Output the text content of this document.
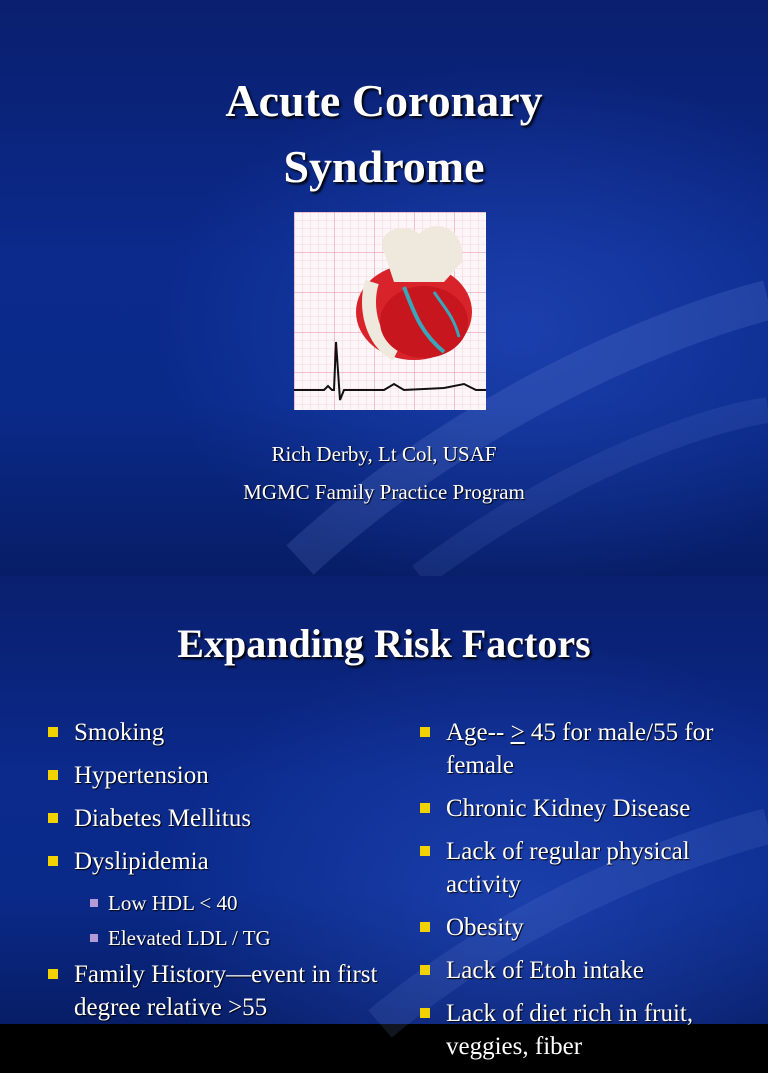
Acute Coronary
Syndrome
Rich Derby, Lt Col, USAF
MGMC Family Practice Program
Expanding Risk Factors
Smoking
Hypertension
Diabetes Mellitus
Dyslipidemia
Low HDL < 40
Elevated LDL / TG
Family History—event in first degree relative >55
Age-- > 45 for male/55 for female
Chronic Kidney Disease
Lack of regular physical activity
Obesity
Lack of Etoh intake
Lack of diet rich in fruit, veggies, fiber
